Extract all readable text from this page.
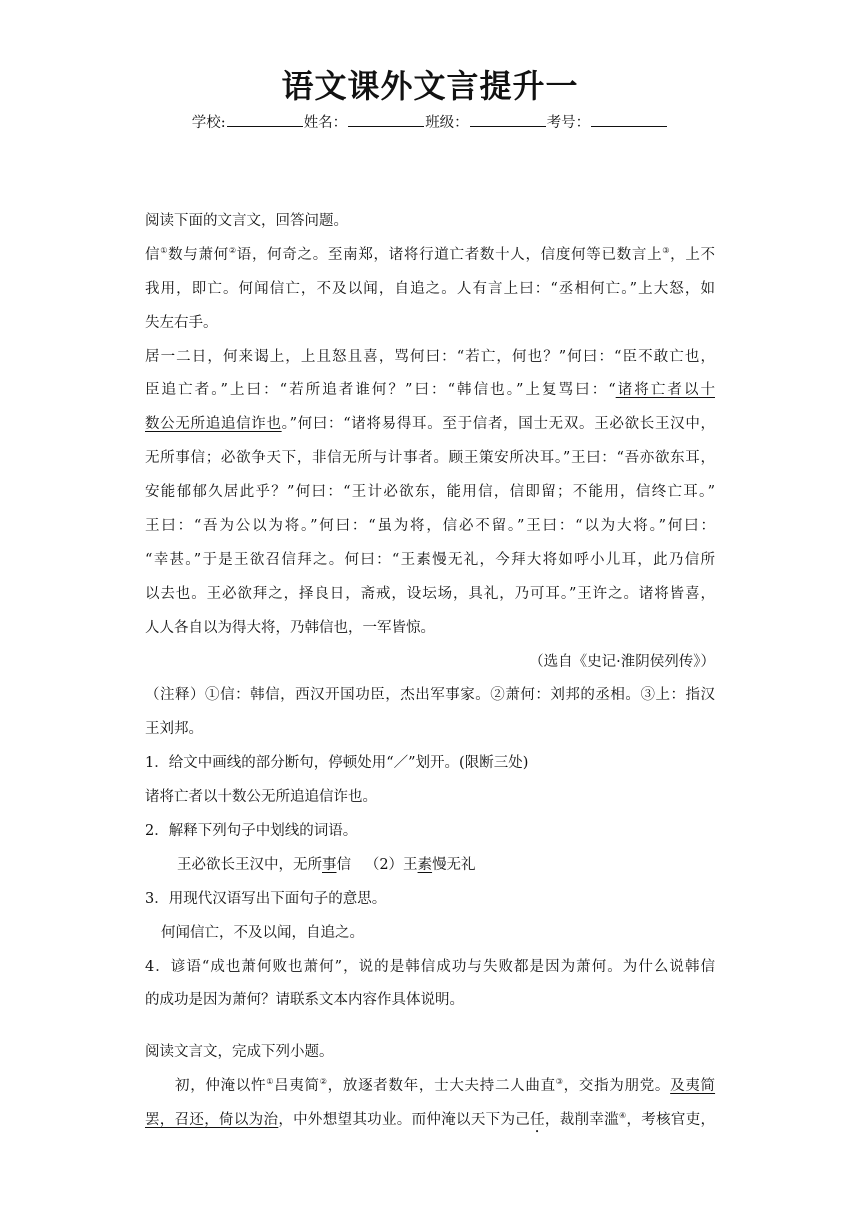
语文课外文言提升一
学校:	姓名：	班级：	考号：
阅读下面的文言文，回答问题。
信①数与萧何②语，何奇之。至南郑，诸将行道亡者数十人，信度何等已数言上③，上不
我用，即亡。何闻信亡，不及以闻，自追之。人有言上曰：“丞相何亡。”上大怒，如
失左右手。
居一二日，何来谒上，上且怒且喜，骂何曰：“若亡，何也？”何曰：“臣不敢亡也，
臣追亡者。”上曰：“若所追者谁何？”曰：“韩信也。”上复骂曰：“诸将亡者以十
数公无所追追信诈也。”何曰：“诸将易得耳。至于信者，国士无双。王必欲长王汉中，
无所事信；必欲争天下，非信无所与计事者。顾王策安所决耳。”王曰：“吾亦欲东耳，
安能郁郁久居此乎？”何曰：“王计必欲东，能用信，信即留；不能用，信终亡耳。”
王曰：“吾为公以为将。”何曰：“虽为将，信必不留。”王曰：“以为大将。”何曰：
“幸甚。”于是王欲召信拜之。何曰：“王素慢无礼，今拜大将如呼小儿耳，此乃信所
以去也。王必欲拜之，择良日，斋戒，设坛场，具礼，乃可耳。”王许之。诸将皆喜，
人人各自以为得大将，乃韩信也，一军皆惊。
（选自《史记·淮阴侯列传》）
（注释）①信：韩信，西汉开国功臣，杰出军事家。②萧何：刘邦的丞相。③上：指汉
王刘邦。
1．给文中画线的部分断句，停顿处用“／”划开。(限断三处)
诸将亡者以十数公无所追追信诈也。
2．解释下列句子中划线的词语。
王必欲长王汉中，无所事信 （2）王素慢无礼
3．用现代汉语写出下面句子的意思。
何闻信亡，不及以闻，自追之。
4．谚语“成也萧何败也萧何”，说的是韩信成功与失败都是因为萧何。为什么说韩信
的成功是因为萧何？请联系文本内容作具体说明。
阅读文言文，完成下列小题。
初，仲淹以忤①吕夷简②，放逐者数年，士大夫持二人曲直③，交指为朋党。及夷简
罢，召还，倚以为治，中外想望其功业。而仲淹以天下为己任，裁削幸滥④，考核官吏，
